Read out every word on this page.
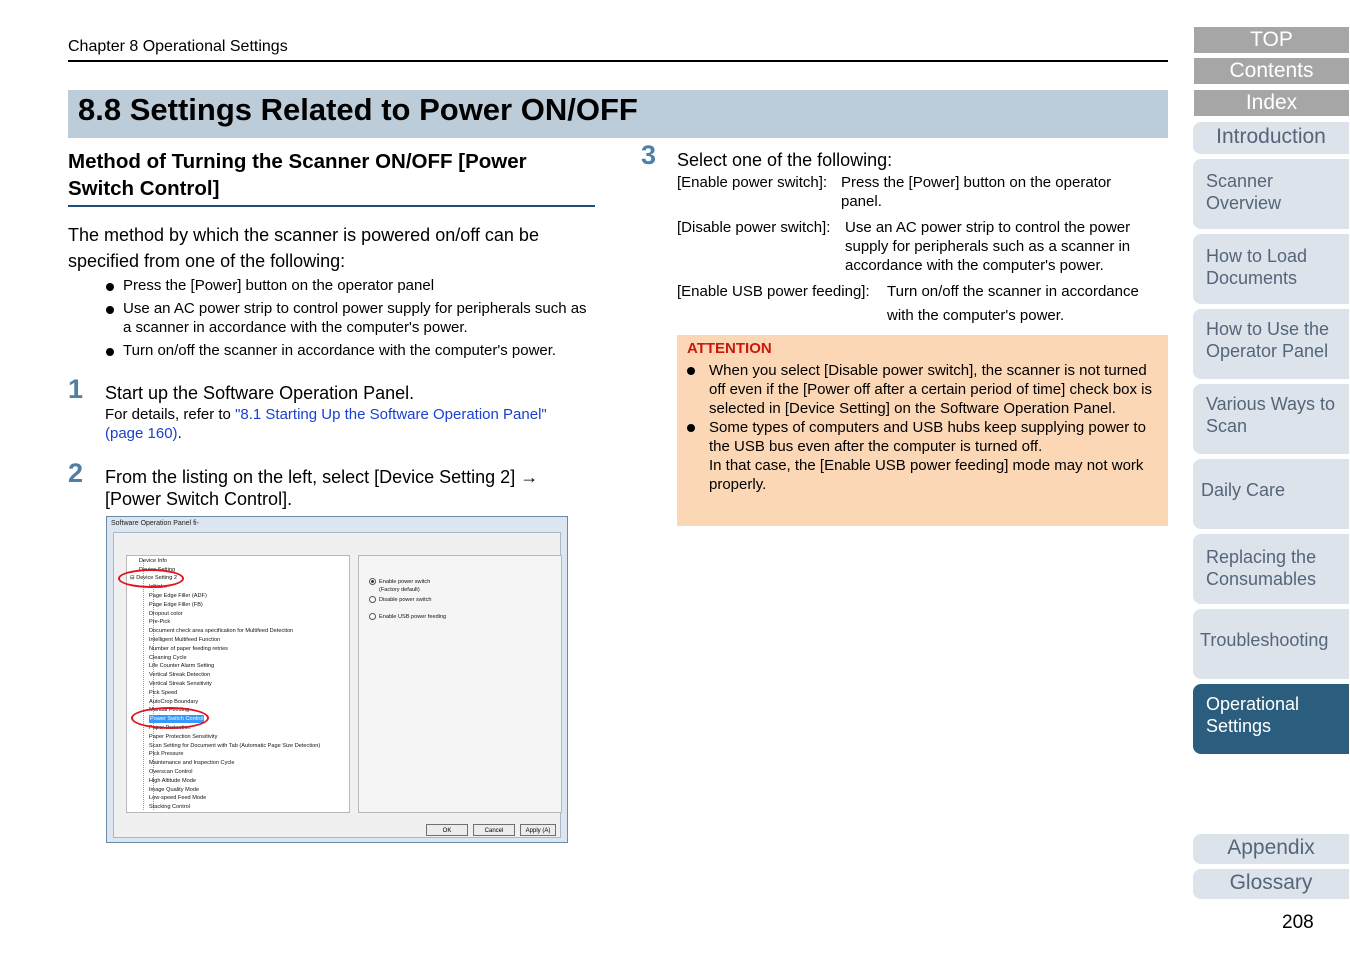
Chapter 8 Operational Settings
8.8 Settings Related to Power ON/OFF
Method of Turning the Scanner ON/OFF [Power
Switch Control]

The method by which the scanner is powered on/off can be
specified from one of the following:

Press the [Power] button on the operator panel
Use an AC power strip to control power supply for peripherals such as a scanner in accordance with the computer's power.
Turn on/off the scanner in accordance with the computer's power.
1 Start up the Software Operation Panel.
For details, refer to "8.1 Starting Up the Software Operation Panel"
(page 160).
2 From the listing on the left, select [Device Setting 2] →
[Power Switch Control].
Software Operation Panel fi-
Device Info
Device Setting
⊟ Device Setting 2
Initial...
Page Edge Filler (ADF)
Page Edge Filler (FB)
Dropout color
Pre-Pick
Document check area specification for Multifeed Detection
Intelligent Multifeed Function
Number of paper feeding retries
Cleaning Cycle
Life Counter Alarm Setting
Vertical Streak Detection
Vertical Streak Sensitivity
Pick Speed
AutoCrop Boundary
Manual Feeding
Power Switch Control
Paper Protection
Paper Protection Sensitivity
Scan Setting for Document with Tab (Automatic Page Size Detection)
Pick Pressure
Maintenance and Inspection Cycle
Overscan Control
High Altitude Mode
Image Quality Mode
Low-speed Feed Mode
Stacking Control
Enable power switch
(Factory default)
Disable power switch
Enable USB power feeding
OK	Cancel	Apply (A)
3 Select one of the following:
[Enable power switch]: Press the [Power] button on the operator
panel.
[Disable power switch]: Use an AC power strip to control the power
supply for peripherals such as a scanner in
accordance with the computer's power.
[Enable USB power feeding]: Turn on/off the scanner in accordance
with the computer's power.
ATTENTION
When you select [Disable power switch], the scanner is not turned off even if the [Power off after a certain period of time] check box is selected in [Device Setting] on the Software Operation Panel.
Some types of computers and USB hubs keep supplying power to the USB bus even after the computer is turned off.
In that case, the [Enable USB power feeding] mode may not work properly.
TOP
Contents
Index
Introduction
Scanner Overview
How to Load Documents
How to Use the Operator Panel
Various Ways to Scan
Daily Care
Replacing the Consumables
Troubleshooting
Operational Settings
Appendix
Glossary
208
